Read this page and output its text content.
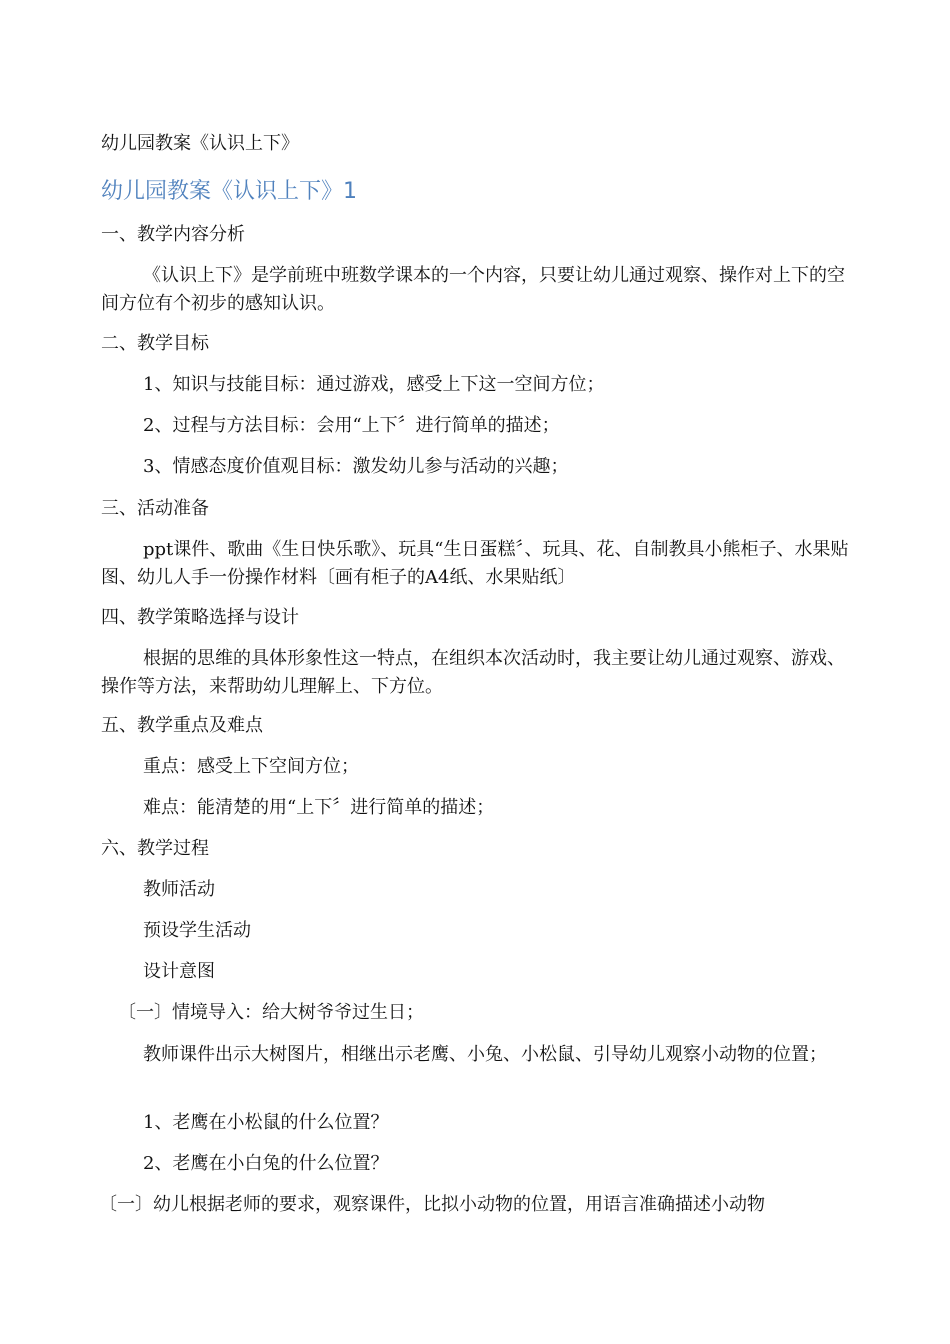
幼儿园教案《认识上下》

幼儿园教案《认识上下》1

一、教学内容分析

《认识上下》是学前班中班数学课本的一个内容，只要让幼儿通过观察、操作对上下的空间方位有个初步的感知认识。

二、教学目标

1、知识与技能目标：通过游戏，感受上下这一空间方位；

2、过程与方法目标：会用“上下〞进行简单的描述；

3、情感态度价值观目标：激发幼儿参与活动的兴趣；

三、活动准备

ppt课件、歌曲《生日快乐歌》、玩具“生日蛋糕〞、玩具、花、自制教具小熊柜子、水果贴图、幼儿人手一份操作材料〔画有柜子的A4纸、水果贴纸〕

四、教学策略选择与设计

根据的思维的具体形象性这一特点，在组织本次活动时，我主要让幼儿通过观察、游戏、操作等方法，来帮助幼儿理解上、下方位。

五、教学重点及难点

重点：感受上下空间方位；

难点：能清楚的用“上下〞进行简单的描述；

六、教学过程

教师活动

预设学生活动

设计意图

〔一〕情境导入：给大树爷爷过生日；

教师课件出示大树图片，相继出示老鹰、小兔、小松鼠、引导幼儿观察小动物的位置；

1、老鹰在小松鼠的什么位置？

2、老鹰在小白兔的什么位置？

〔一〕幼儿根据老师的要求，观察课件，比拟小动物的位置，用语言准确描述小动物
